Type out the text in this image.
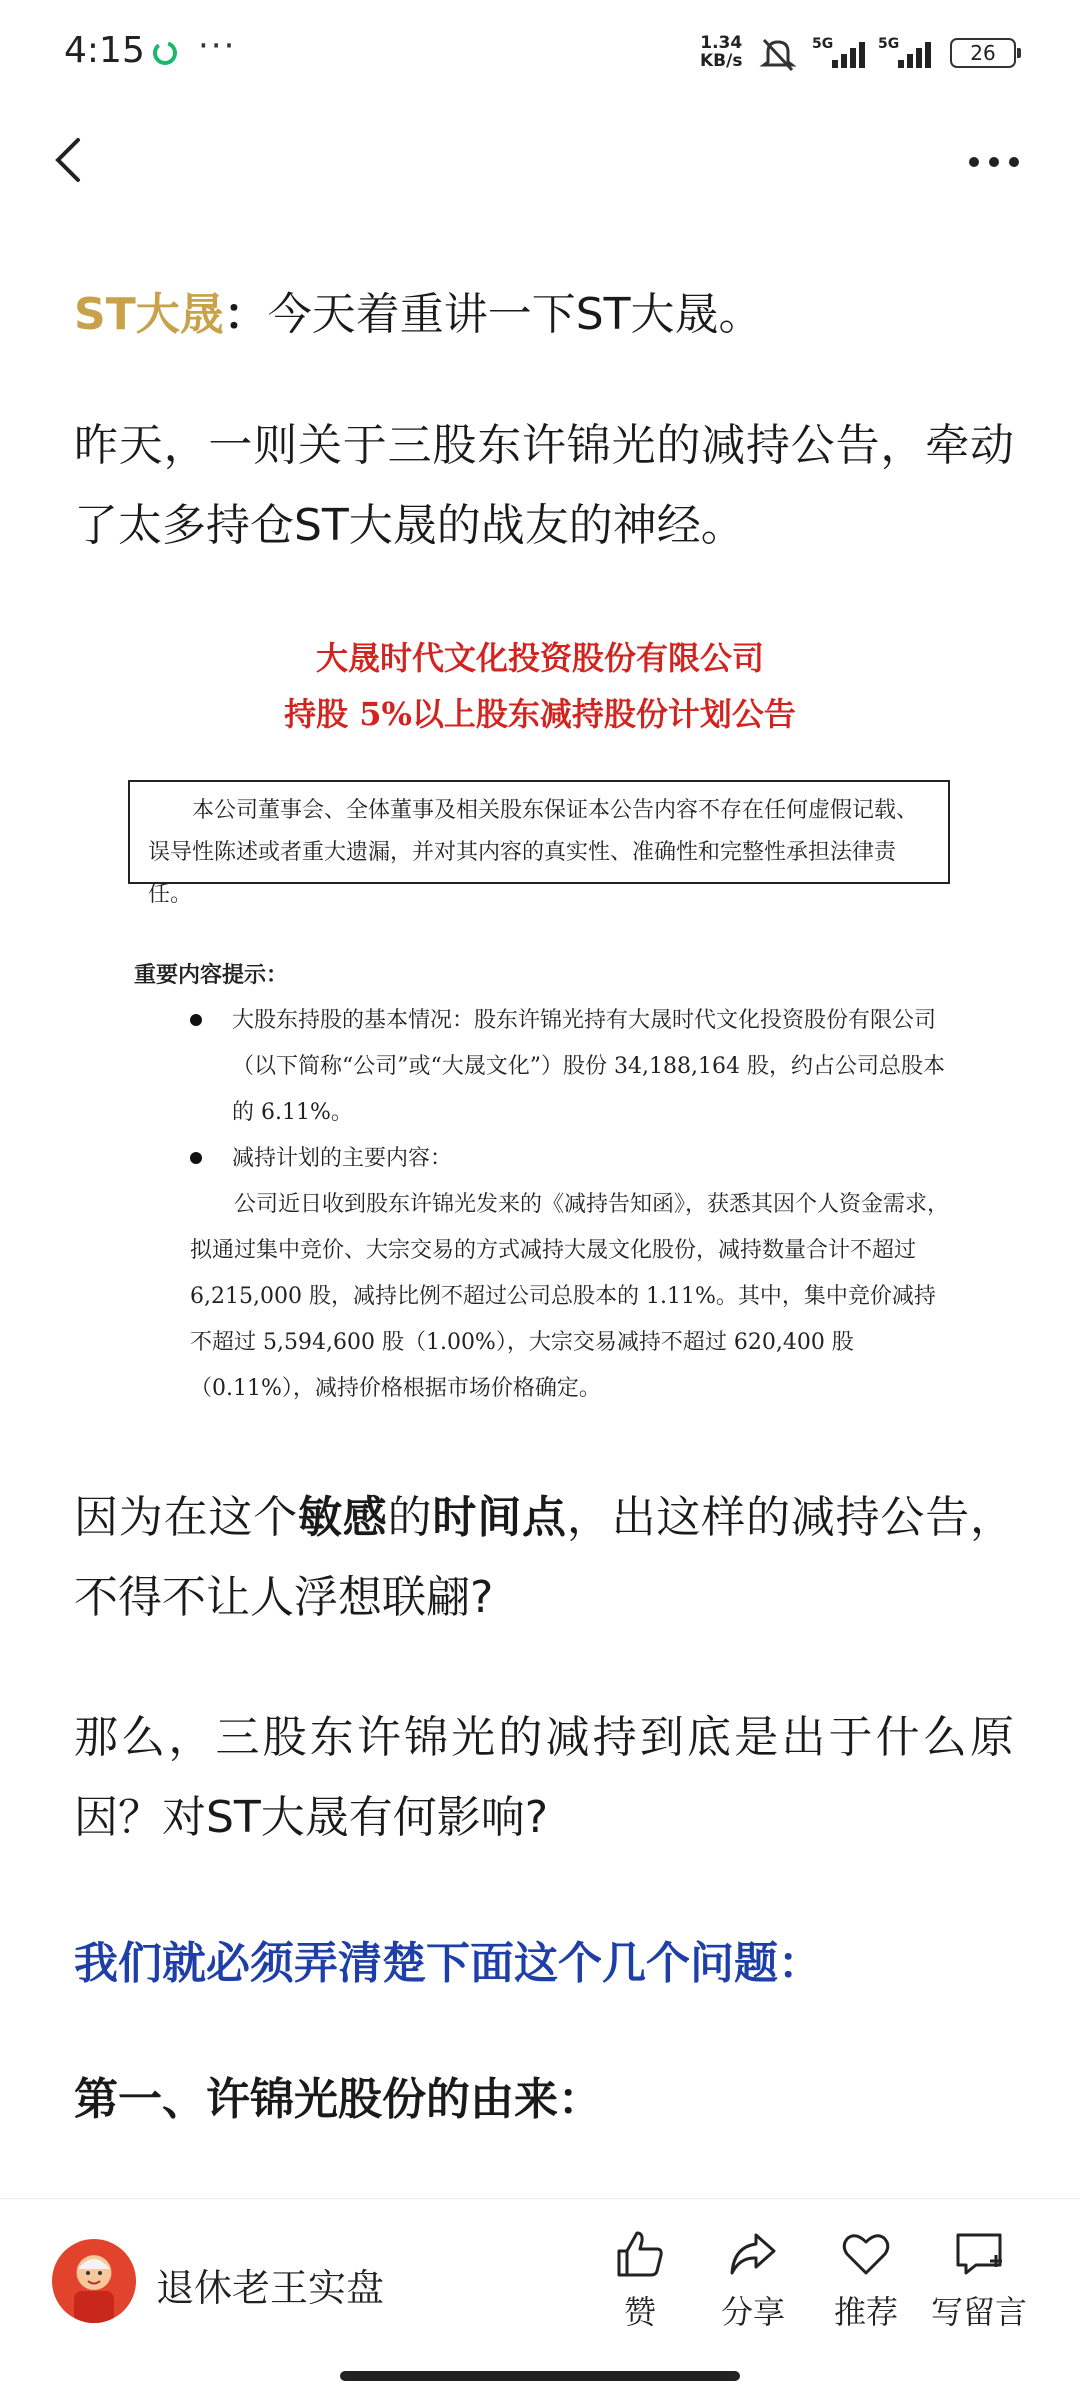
4:15 ···	1.34
KB/s
5G	5G	26

ST大晟：今天着重讲一下ST大晟。

昨天，一则关于三股东许锦光的减持公告，牵动了太多持仓ST大晟的战友的神经。

大晟时代文化投资股份有限公司
持股 5%以上股东减持股份计划公告
本公司董事会、全体董事及相关股东保证本公告内容不存在任何虚假记载、误导性陈述或者重大遗漏，并对其内容的真实性、准确性和完整性承担法律责任。
重要内容提示：
大股东持股的基本情况：股东许锦光持有大晟时代文化投资股份有限公司（以下简称“公司”或“大晟文化”）股份 34,188,164 股，约占公司总股本的 6.11%。
减持计划的主要内容：
公司近日收到股东许锦光发来的《减持告知函》，获悉其因个人资金需求，拟通过集中竞价、大宗交易的方式减持大晟文化股份，减持数量合计不超过 6,215,000 股，减持比例不超过公司总股本的 1.11%。其中，集中竞价减持不超过 5,594,600 股（1.00%），大宗交易减持不超过 620,400 股（0.11%），减持价格根据市场价格确定。

因为在这个敏感的时间点，出这样的减持公告，不得不让人浮想联翩?

那么，三股东许锦光的减持到底是出于什么原因？对ST大晟有何影响?

我们就必须弄清楚下面这个几个问题：

第一、许锦光股份的由来：

退休老王实盘
赞	分享	推荐	写留言
